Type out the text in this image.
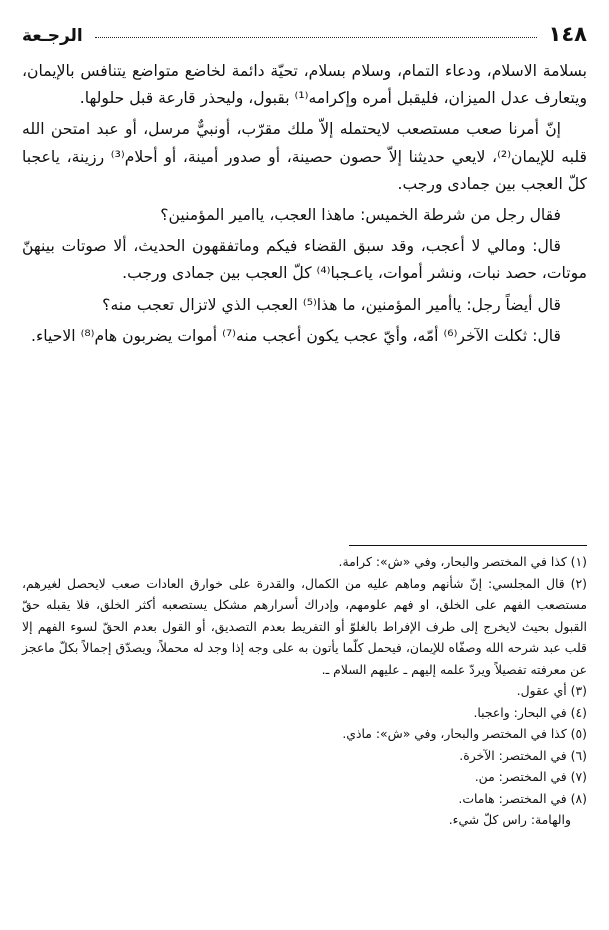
١٤٨
الرجـعة

بسلامة الاسلام، ودعاء التمام، وسلام بسلام، تحيّة دائمة لخاضع متواضع يتنافس بالإيمان، ويتعارف عدل الميزان، فليقبل أمره وإكرامه⁽¹⁾ بقبول، وليحذر قارعة قبل حلولها.

إنّ أمرنا صعب مستصعب لايحتمله إلاّ ملك مقرّب، أونبيٌّ مرسل، أو عبد امتحن الله قلبه للإيمان⁽²⁾، لايعي حديثنا إلاّ حصون حصينة، أو صدور أمينة، أو أحلام⁽³⁾ رزينة، ياعجبا كلّ العجب بين جمادى ورجب.

فقال رجل من شرطة الخميس: ماهذا العجب، ياامير المؤمنين؟

قال: ومالي لا أعجب، وقد سبق القضاء فيكم وماتفقهون الحديث، ألا صوتات بينهنّ موتات، حصد نبات، ونشر أموات، ياعـجبا⁽⁴⁾ كلّ العجب بين جمادى ورجب.

قال أيضاً رجل: ياأمير المؤمنين، ما هذا⁽⁵⁾ العجب الذي لاتزال تعجب منه؟

قال: ثكلت الآخر⁽⁶⁾ أمّه، وأيّ عجب يكون أعجب منه⁽⁷⁾ أموات يضربون هام⁽⁸⁾ الاحياء.

(١) كذا في المختصر والبحار، وفي «ش»: كرامة.

(٢) قال المجلسي: إنّ شأنهم وماهم عليه من الكمال، والقدرة على خوارق العادات صعب لايحصل لغيرهم، مستصعب الفهم على الخلق، او فهم علومهم، وإدراك أسرارهم مشكل يستصعبه أكثر الخلق، فلا يقبله حقّ القبول بحيث لايخرج إلى طرف الإفراط بالغلوّ أو التفريط بعدم التصديق، أو القول بعدم الحقّ لسوء الفهم إلا قلب عبد شرحه الله وصفّاه للإيمان، فيحمل كلّما يأتون به على وجه إذا وجد له محملاً، ويصدّق إجمالاً بكلّ ماعجز عن معرفته تفصيلاً ويردّ علمه إليهم ـ عليهم السلام ـ.

(٣) أي عقول.

(٤) في البحار: واعجبا.

(٥) كذا في المختصر والبحار، وفي «ش»: ماذي.

(٦) في المختصر: الآخرة.

(٧) في المختصر: من.

(٨) في المختصر: هامات.

والهامة: راس كلّ شيء.
